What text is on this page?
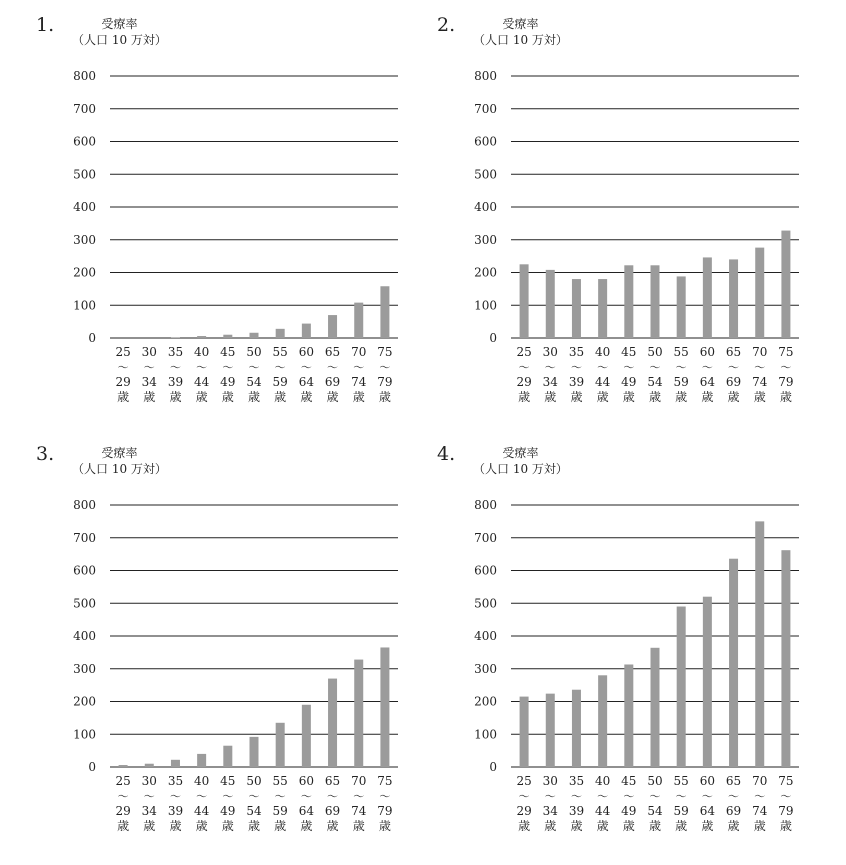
1.	受療率
（人口 10 万対）
0
100
200
300
400
500
600
700
800
25
〜
29
歳
30
〜
34
歳
35
〜
39
歳
40
〜
44
歳
45
〜
49
歳
50
〜
54
歳
55
〜
59
歳
60
〜
64
歳
65
〜
69
歳
70
〜
74
歳
75
〜
79
歳
2.	受療率
（人口 10 万対）
0
100
200
300
400
500
600
700
800
25
〜
29
歳
30
〜
34
歳
35
〜
39
歳
40
〜
44
歳
45
〜
49
歳
50
〜
54
歳
55
〜
59
歳
60
〜
64
歳
65
〜
69
歳
70
〜
74
歳
75
〜
79
歳
3.	受療率
（人口 10 万対）
0
100
200
300
400
500
600
700
800
25
〜
29
歳
30
〜
34
歳
35
〜
39
歳
40
〜
44
歳
45
〜
49
歳
50
〜
54
歳
55
〜
59
歳
60
〜
64
歳
65
〜
69
歳
70
〜
74
歳
75
〜
79
歳
4.	受療率
（人口 10 万対）
0
100
200
300
400
500
600
700
800
25
〜
29
歳
30
〜
34
歳
35
〜
39
歳
40
〜
44
歳
45
〜
49
歳
50
〜
54
歳
55
〜
59
歳
60
〜
64
歳
65
〜
69
歳
70
〜
74
歳
75
〜
79
歳
